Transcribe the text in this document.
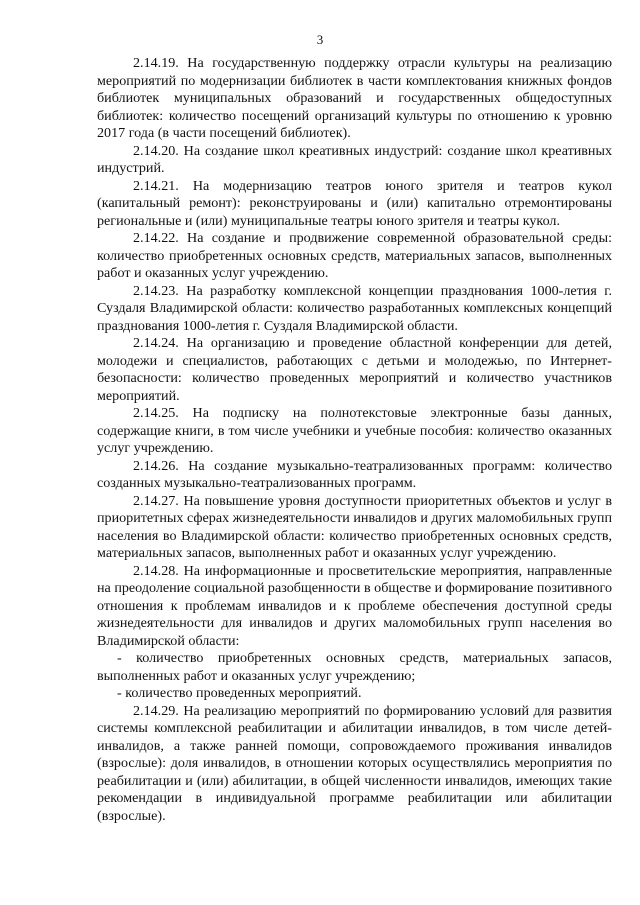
3

2.14.19. На государственную поддержку отрасли культуры на реализацию мероприятий по модернизации библиотек в части комплектования книжных фондов библиотек муниципальных образований и государственных общедоступных библиотек: количество посещений организаций культуры по отношению к уровню 2017 года (в части посещений библиотек).

2.14.20. На создание школ креативных индустрий: создание школ креативных индустрий.

2.14.21. На модернизацию театров юного зрителя и театров кукол (капитальный ремонт): реконструированы и (или) капитально отремонтированы региональные и (или) муниципальные театры юного зрителя и театры кукол.

2.14.22. На создание и продвижение современной образовательной среды: количество приобретенных основных средств, материальных запасов, выполненных работ и оказанных услуг учреждению.

2.14.23. На разработку комплексной концепции празднования 1000-летия г. Суздаля Владимирской области: количество разработанных комплексных концепций празднования 1000-летия г. Суздаля Владимирской области.

2.14.24. На организацию и проведение областной конференции для детей, молодежи и специалистов, работающих с детьми и молодежью, по Интернет-безопасности: количество проведенных мероприятий и количество участников мероприятий.

2.14.25. На подписку на полнотекстовые электронные базы данных, содержащие книги, в том числе учебники и учебные пособия: количество оказанных услуг учреждению.

2.14.26. На создание музыкально-театрализованных программ: количество созданных музыкально-театрализованных программ.

2.14.27. На повышение уровня доступности приоритетных объектов и услуг в приоритетных сферах жизнедеятельности инвалидов и других маломобильных групп населения во Владимирской области: количество приобретенных основных средств, материальных запасов, выполненных работ и оказанных услуг учреждению.

2.14.28. На информационные и просветительские мероприятия, направленные на преодоление социальной разобщенности в обществе и формирование позитивного отношения к проблемам инвалидов и к проблеме обеспечения доступной среды жизнедеятельности для инвалидов и других маломобильных групп населения во Владимирской области:

- количество приобретенных основных средств, материальных запасов, выполненных работ и оказанных услуг учреждению;

- количество проведенных мероприятий.

2.14.29. На реализацию мероприятий по формированию условий для развития системы комплексной реабилитации и абилитации инвалидов, в том числе детей-инвалидов, а также ранней помощи, сопровождаемого проживания инвалидов (взрослые): доля инвалидов, в отношении которых осуществлялись мероприятия по реабилитации и (или) абилитации, в общей численности инвалидов, имеющих такие рекомендации в индивидуальной программе реабилитации или абилитации (взрослые).
